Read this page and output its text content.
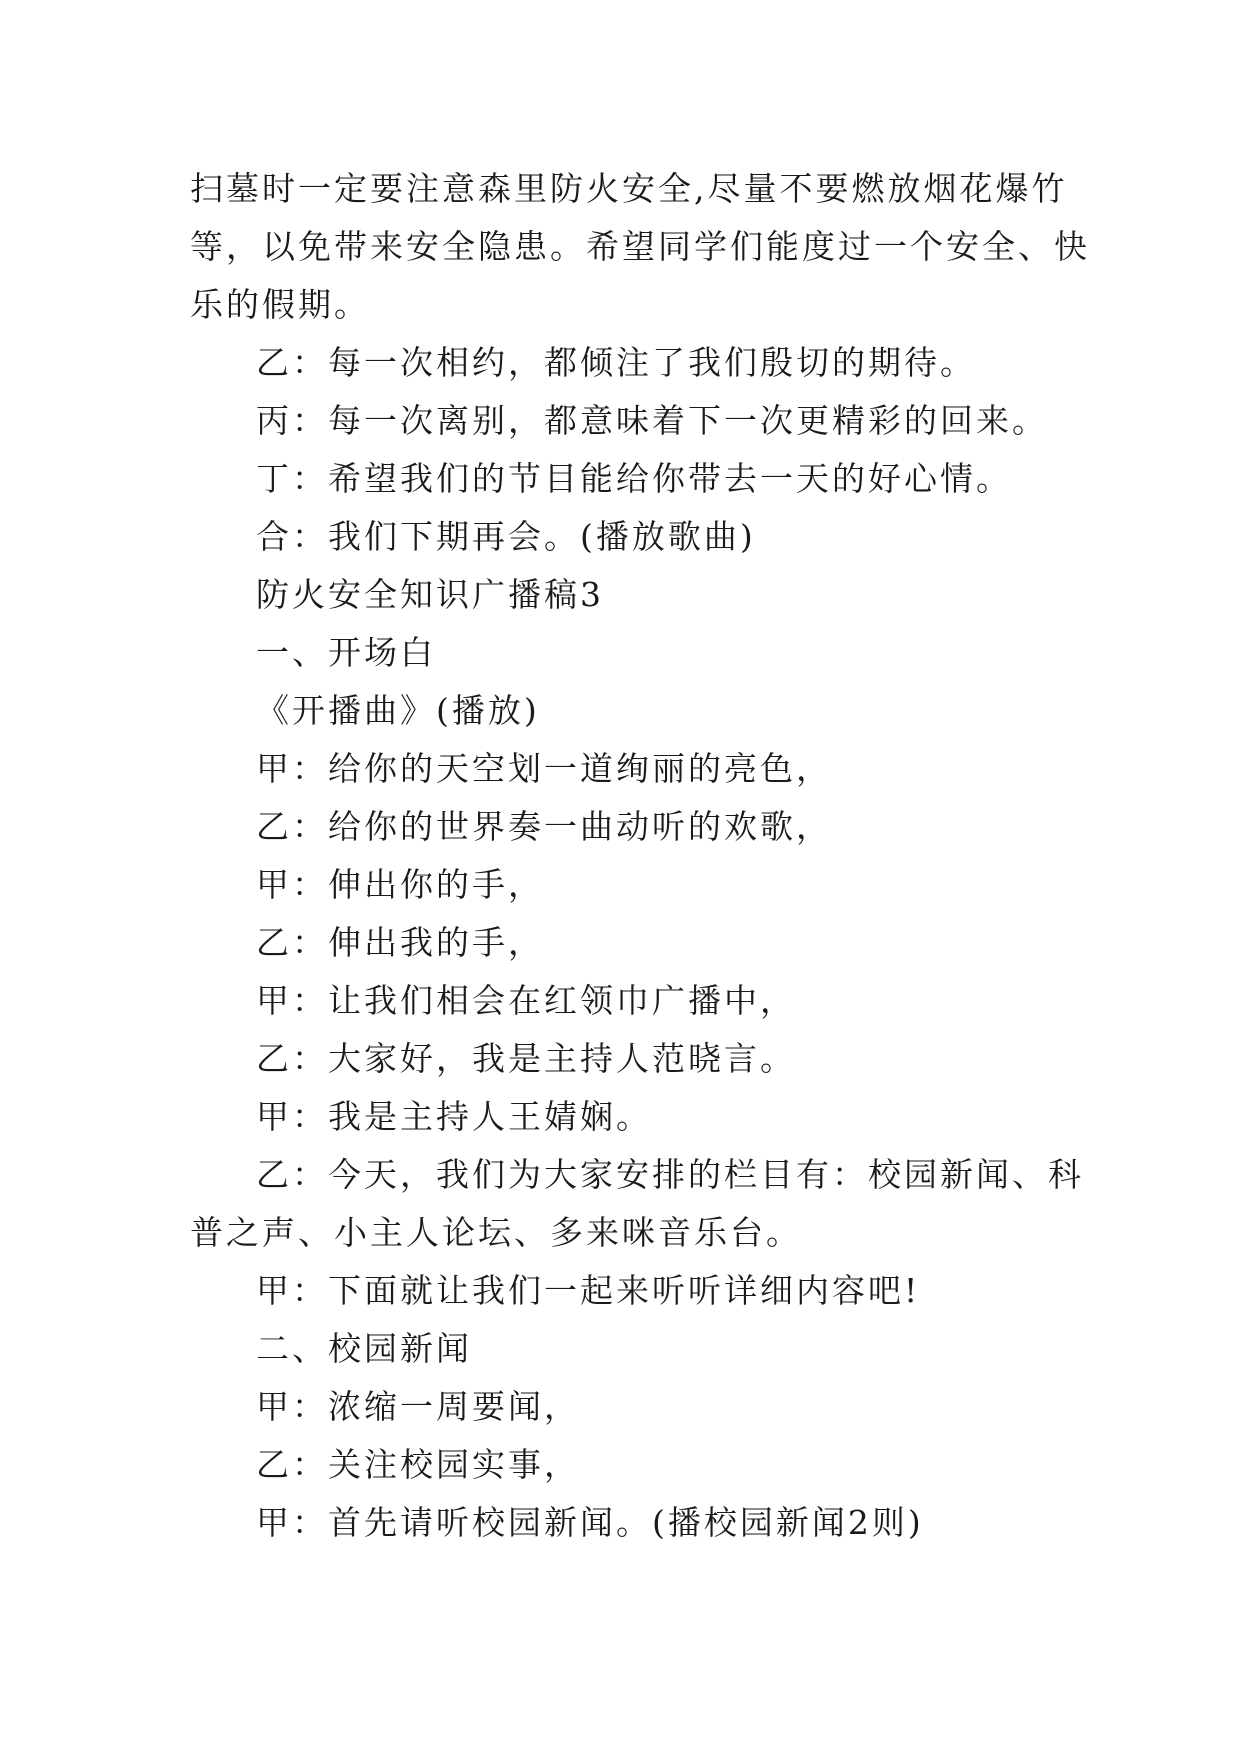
扫墓时一定要注意森里防火安全,尽量不要燃放烟花爆竹等，以免带来安全隐患。希望同学们能度过一个安全、快乐的假期。

乙：每一次相约，都倾注了我们殷切的期待。

丙：每一次离别，都意味着下一次更精彩的回来。

丁：希望我们的节目能给你带去一天的好心情。

合：我们下期再会。(播放歌曲)

防火安全知识广播稿3

一、开场白

《开播曲》(播放)

甲：给你的天空划一道绚丽的亮色，

乙：给你的世界奏一曲动听的欢歌，

甲：伸出你的手，

乙：伸出我的手，

甲：让我们相会在红领巾广播中，

乙：大家好，我是主持人范晓言。

甲：我是主持人王婧娴。

乙：今天，我们为大家安排的栏目有：校园新闻、科普之声、小主人论坛、多来咪音乐台。

甲：下面就让我们一起来听听详细内容吧!

二、校园新闻

甲：浓缩一周要闻，

乙：关注校园实事，

甲：首先请听校园新闻。(播校园新闻2则)
